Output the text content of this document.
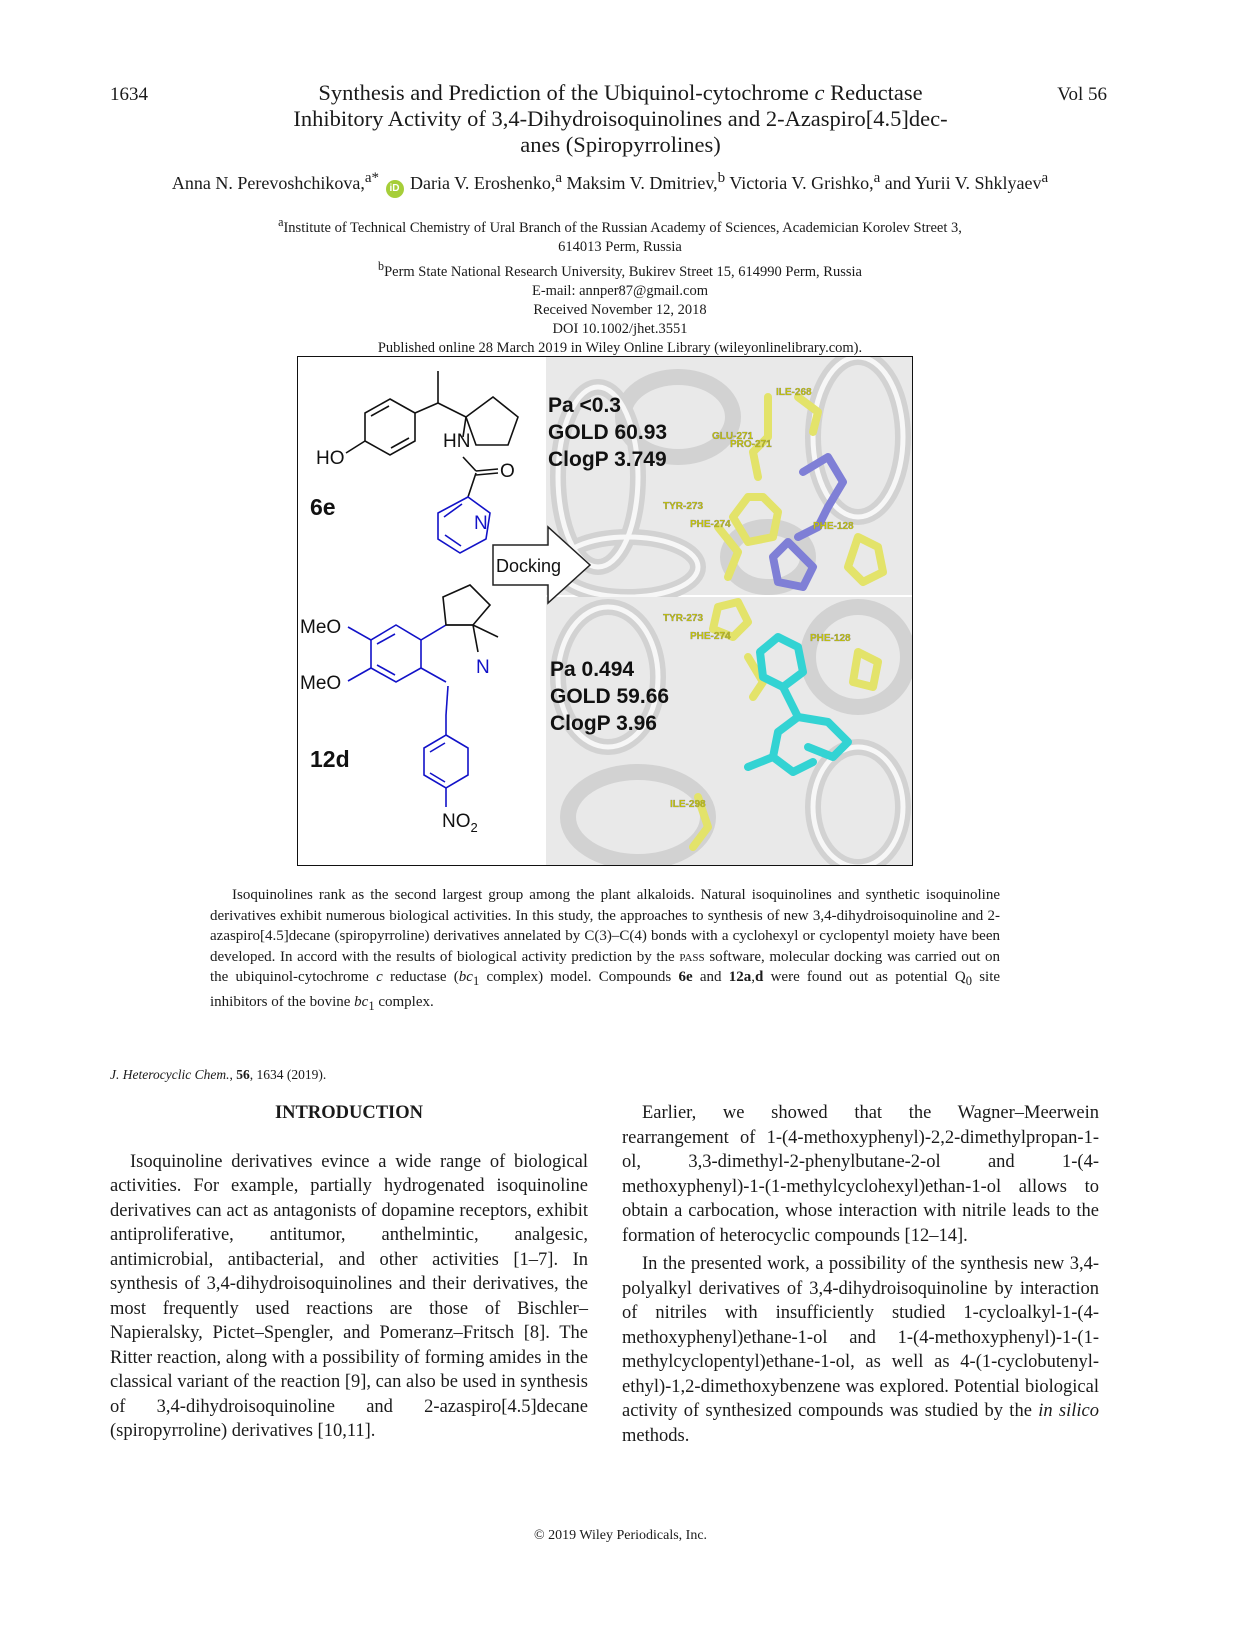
1634	Vol 56
Synthesis and Prediction of the Ubiquinol-cytochrome c Reductase
Inhibitory Activity of 3,4-Dihydroisoquinolines and 2-Azaspiro[4.5]dec-
anes (Spiropyrrolines)
Anna N. Perevoshchikova,$^{a*}$ iD Daria V. Eroshenko,$^a$ Maksim V. Dmitriev,$^b$ Victoria V. Grishko,$^a$ and Yurii V. Shklyaev$^a$
$^a$Institute of Technical Chemistry of Ural Branch of the Russian Academy of Sciences, Academician Korolev Street 3,
614013 Perm, Russia
$^b$Perm State National Research University, Bukirev Street 15, 614990 Perm, Russia
E-mail: annper87@gmail.com
Received November 12, 2018
DOI 10.1002/jhet.3551
Published online 28 March 2019 in Wiley Online Library (wileyonlinelibrary.com).
ILE-268
GLU-271
PRO-271
TYR-273
PHE-274	PHE-128
TYR-273
PHE-274	PHE-128
ILE-298
Pa <0.3
GOLD 60.93
ClogP 3.749
Pa 0.494
GOLD 59.66
ClogP 3.96
Docking
HO
HN
O
N
6e
N
MeO
MeO
$NO_2$
12d
Isoquinolines rank as the second largest group among the plant alkaloids. Natural isoquinolines and synthetic isoquinoline derivatives exhibit numerous biological activities. In this study, the approaches to synthesis of new 3,4-dihydroisoquinoline and 2-azaspiro[4.5]decane (spiropyrroline) derivatives annelated by C(3)–C(4) bonds with a cyclohexyl or cyclopentyl moiety have been developed. In accord with the results of biological activity prediction by the pass software, molecular docking was carried out on the ubiquinol-cytochrome c reductase ($bc_1$ complex) model. Compounds 6e and 12a,d were found out as potential $Q_0$ site inhibitors of the bovine $bc_1$ complex.
J. Heterocyclic Chem., 56, 1634 (2019).

INTRODUCTION

Isoquinoline derivatives evince a wide range of biological activities. For example, partially hydrogenated isoquinoline derivatives can act as antagonists of dopamine receptors, exhibit antiproliferative, antitumor, anthelmintic, analgesic, antimicrobial, antibacterial, and other activities [1–7]. In synthesis of 3,4-dihydroisoquinolines and their derivatives, the most frequently used reactions are those of Bischler–Napieralsky, Pictet–Spengler, and Pomeranz–Fritsch [8]. The Ritter reaction, along with a possibility of forming amides in the classical variant of the reaction [9], can also be used in synthesis of 3,4-dihydroisoquinoline and 2-azaspiro[4.5]decane (spiropyrroline) derivatives [10,11].

Earlier, we showed that the Wagner–Meerwein rearrangement of 1-(4-methoxyphenyl)-2,2-dimethylpropan-1-ol, 3,3-dimethyl-2-phenylbutane-2-ol and 1-(4-methoxyphenyl)-1-(1-methylcyclohexyl)ethan-1-ol allows to obtain a carbocation, whose interaction with nitrile leads to the formation of heterocyclic compounds [12–14].

In the presented work, a possibility of the synthesis new 3,4-polyalkyl derivatives of 3,4-dihydroisoquinoline by interaction of nitriles with insufficiently studied 1-cycloalkyl-1-(4-methoxyphenyl)ethane-1-ol and 1-(4-methoxyphenyl)-1-(1-methylcyclopentyl)ethane-1-ol, as well as 4-(1-cyclobutenyl-ethyl)-1,2-dimethoxybenzene was explored. Potential biological activity of synthesized compounds was studied by the in silico methods.

© 2019 Wiley Periodicals, Inc.
